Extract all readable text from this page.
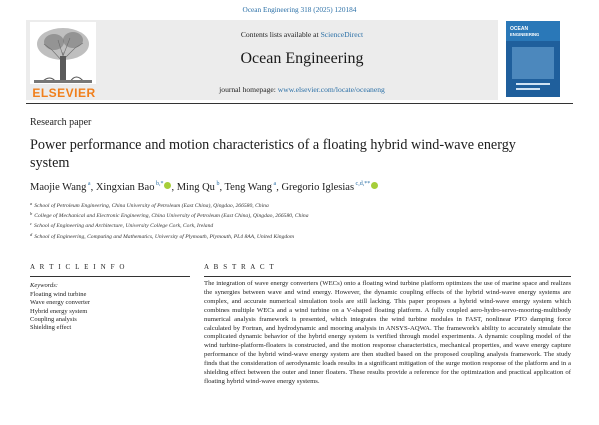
Ocean Engineering 318 (2025) 120184
ELSEVIER
Contents lists available at ScienceDirect
Ocean Engineering
journal homepage: www.elsevier.com/locate/oceaneng
OCEAN
ENGINEERING
Research paper
Power performance and motion characteristics of a floating hybrid wind-wave energy system
Maojie Wang $^a$, Xingxian Bao $^{b,*}$ , Ming Qu $^b$, Teng Wang $^a$, Gregorio Iglesias $^{c,d,**}$
$^a$ School of Petroleum Engineering, China University of Petroleum (East China), Qingdao, 266580, China
$^b$ College of Mechanical and Electronic Engineering, China University of Petroleum (East China), Qingdao, 266580, China
$^c$ School of Engineering and Architecture, University College Cork, Cork, Ireland
$^d$ School of Engineering, Computing and Mathematics, University of Plymouth, Plymouth, PL4 8AA, United Kingdom
A R T I C L E I N F O	A B S T R A C T
Keywords:
Floating wind turbine
Wave energy converter
Hybrid energy system
Coupling analysis
Shielding effect
The integration of wave energy converters (WECs) onto a floating wind turbine platform optimizes the use of marine space and realizes the synergies between wave and wind energy. However, the dynamic coupling effects of the hybrid wind-wave energy systems are complex, and accurate numerical simulation tools are still lacking. This paper proposes a hybrid wind-wave energy system which combines multiple WECs and a wind turbine on a V-shaped floating platform. A fully coupled aero-hydro-servo-mooring-multibody numerical analysis framework is presented, which integrates the wind turbine modules in FAST, nonlinear PTO damping force calculated by Fortran, and hydrodynamic and mooring analysis in ANSYS-AQWA. The framework's ability to accurately simulate the complicated dynamic behavior of the hybrid energy system is verified through model experiments. A dynamic coupling model of the wind turbine-platform-floaters is constructed, and the motion response characteristics, mechanical properties, and wave energy capture performance of the hybrid wind-wave energy system are then studied based on the proposed coupling analysis framework. The study finds that the consideration of aerodynamic loads results in a significant mitigation of the surge motion response of the platform and in a shielding effect between the outer and inner floaters. These results provide a reference for the optimization and practical application of floating hybrid wind-wave energy systems.
